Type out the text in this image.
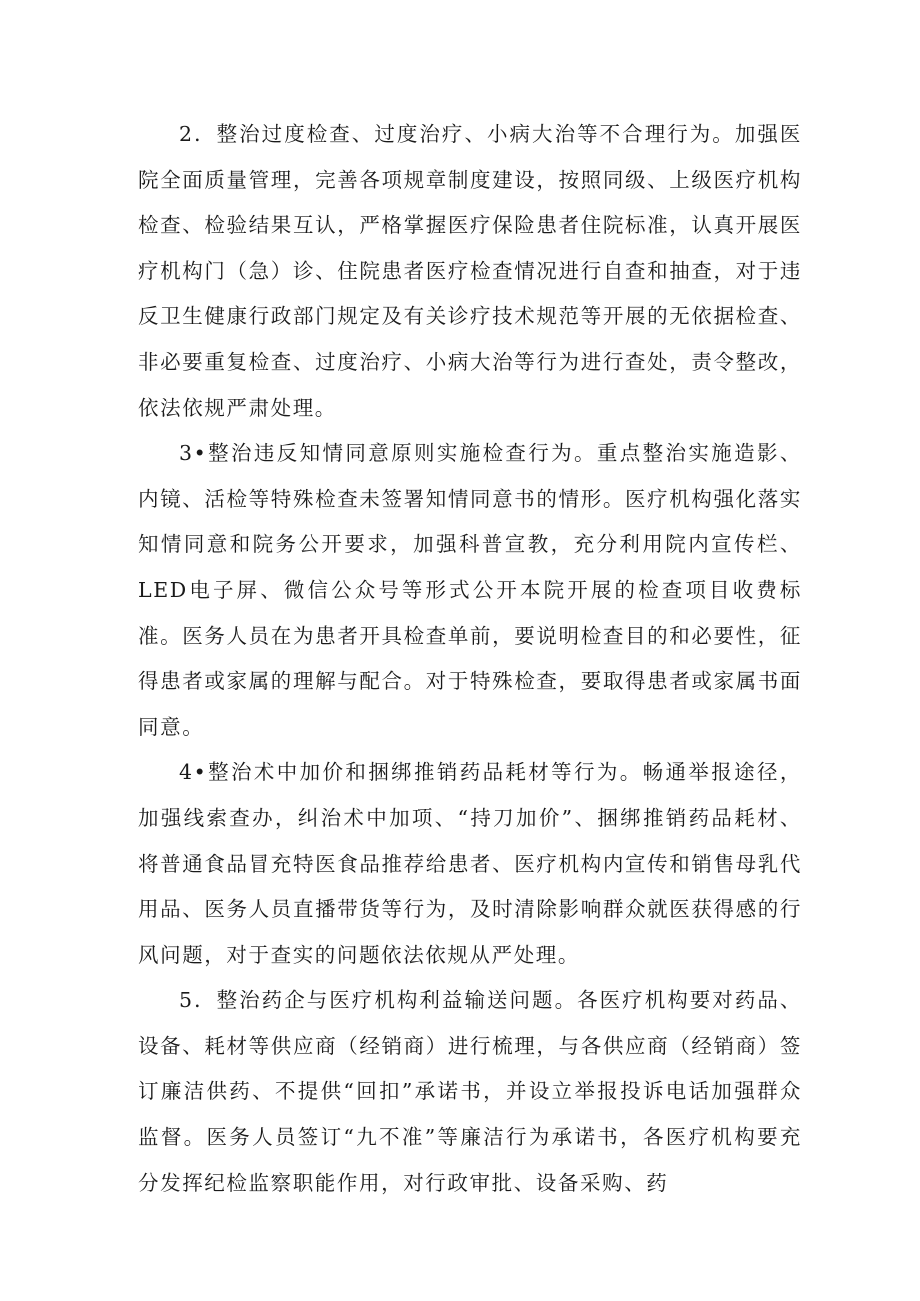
2．整治过度检查、过度治疗、小病大治等不合理行为。加强医院全面质量管理，完善各项规章制度建设，按照同级、上级医疗机构检查、检验结果互认，严格掌握医疗保险患者住院标准，认真开展医疗机构门（急）诊、住院患者医疗检查情况进行自查和抽查，对于违反卫生健康行政部门规定及有关诊疗技术规范等开展的无依据检查、非必要重复检查、过度治疗、小病大治等行为进行查处，责令整改，依法依规严肃处理。

3•整治违反知情同意原则实施检查行为。重点整治实施造影、内镜、活检等特殊检查未签署知情同意书的情形。医疗机构强化落实知情同意和院务公开要求，加强科普宣教，充分利用院内宣传栏、LED电子屏、微信公众号等形式公开本院开展的检查项目收费标准。医务人员在为患者开具检查单前，要说明检查目的和必要性，征得患者或家属的理解与配合。对于特殊检查，要取得患者或家属书面同意。

4•整治术中加价和捆绑推销药品耗材等行为。畅通举报途径，加强线索查办，纠治术中加项、“持刀加价”、捆绑推销药品耗材、将普通食品冒充特医食品推荐给患者、医疗机构内宣传和销售母乳代用品、医务人员直播带货等行为，及时清除影响群众就医获得感的行风问题，对于查实的问题依法依规从严处理。

5．整治药企与医疗机构利益输送问题。各医疗机构要对药品、设备、耗材等供应商（经销商）进行梳理，与各供应商（经销商）签订廉洁供药、不提供“回扣”承诺书，并设立举报投诉电话加强群众监督。医务人员签订“九不准”等廉洁行为承诺书，各医疗机构要充分发挥纪检监察职能作用，对行政审批、设备采购、药
